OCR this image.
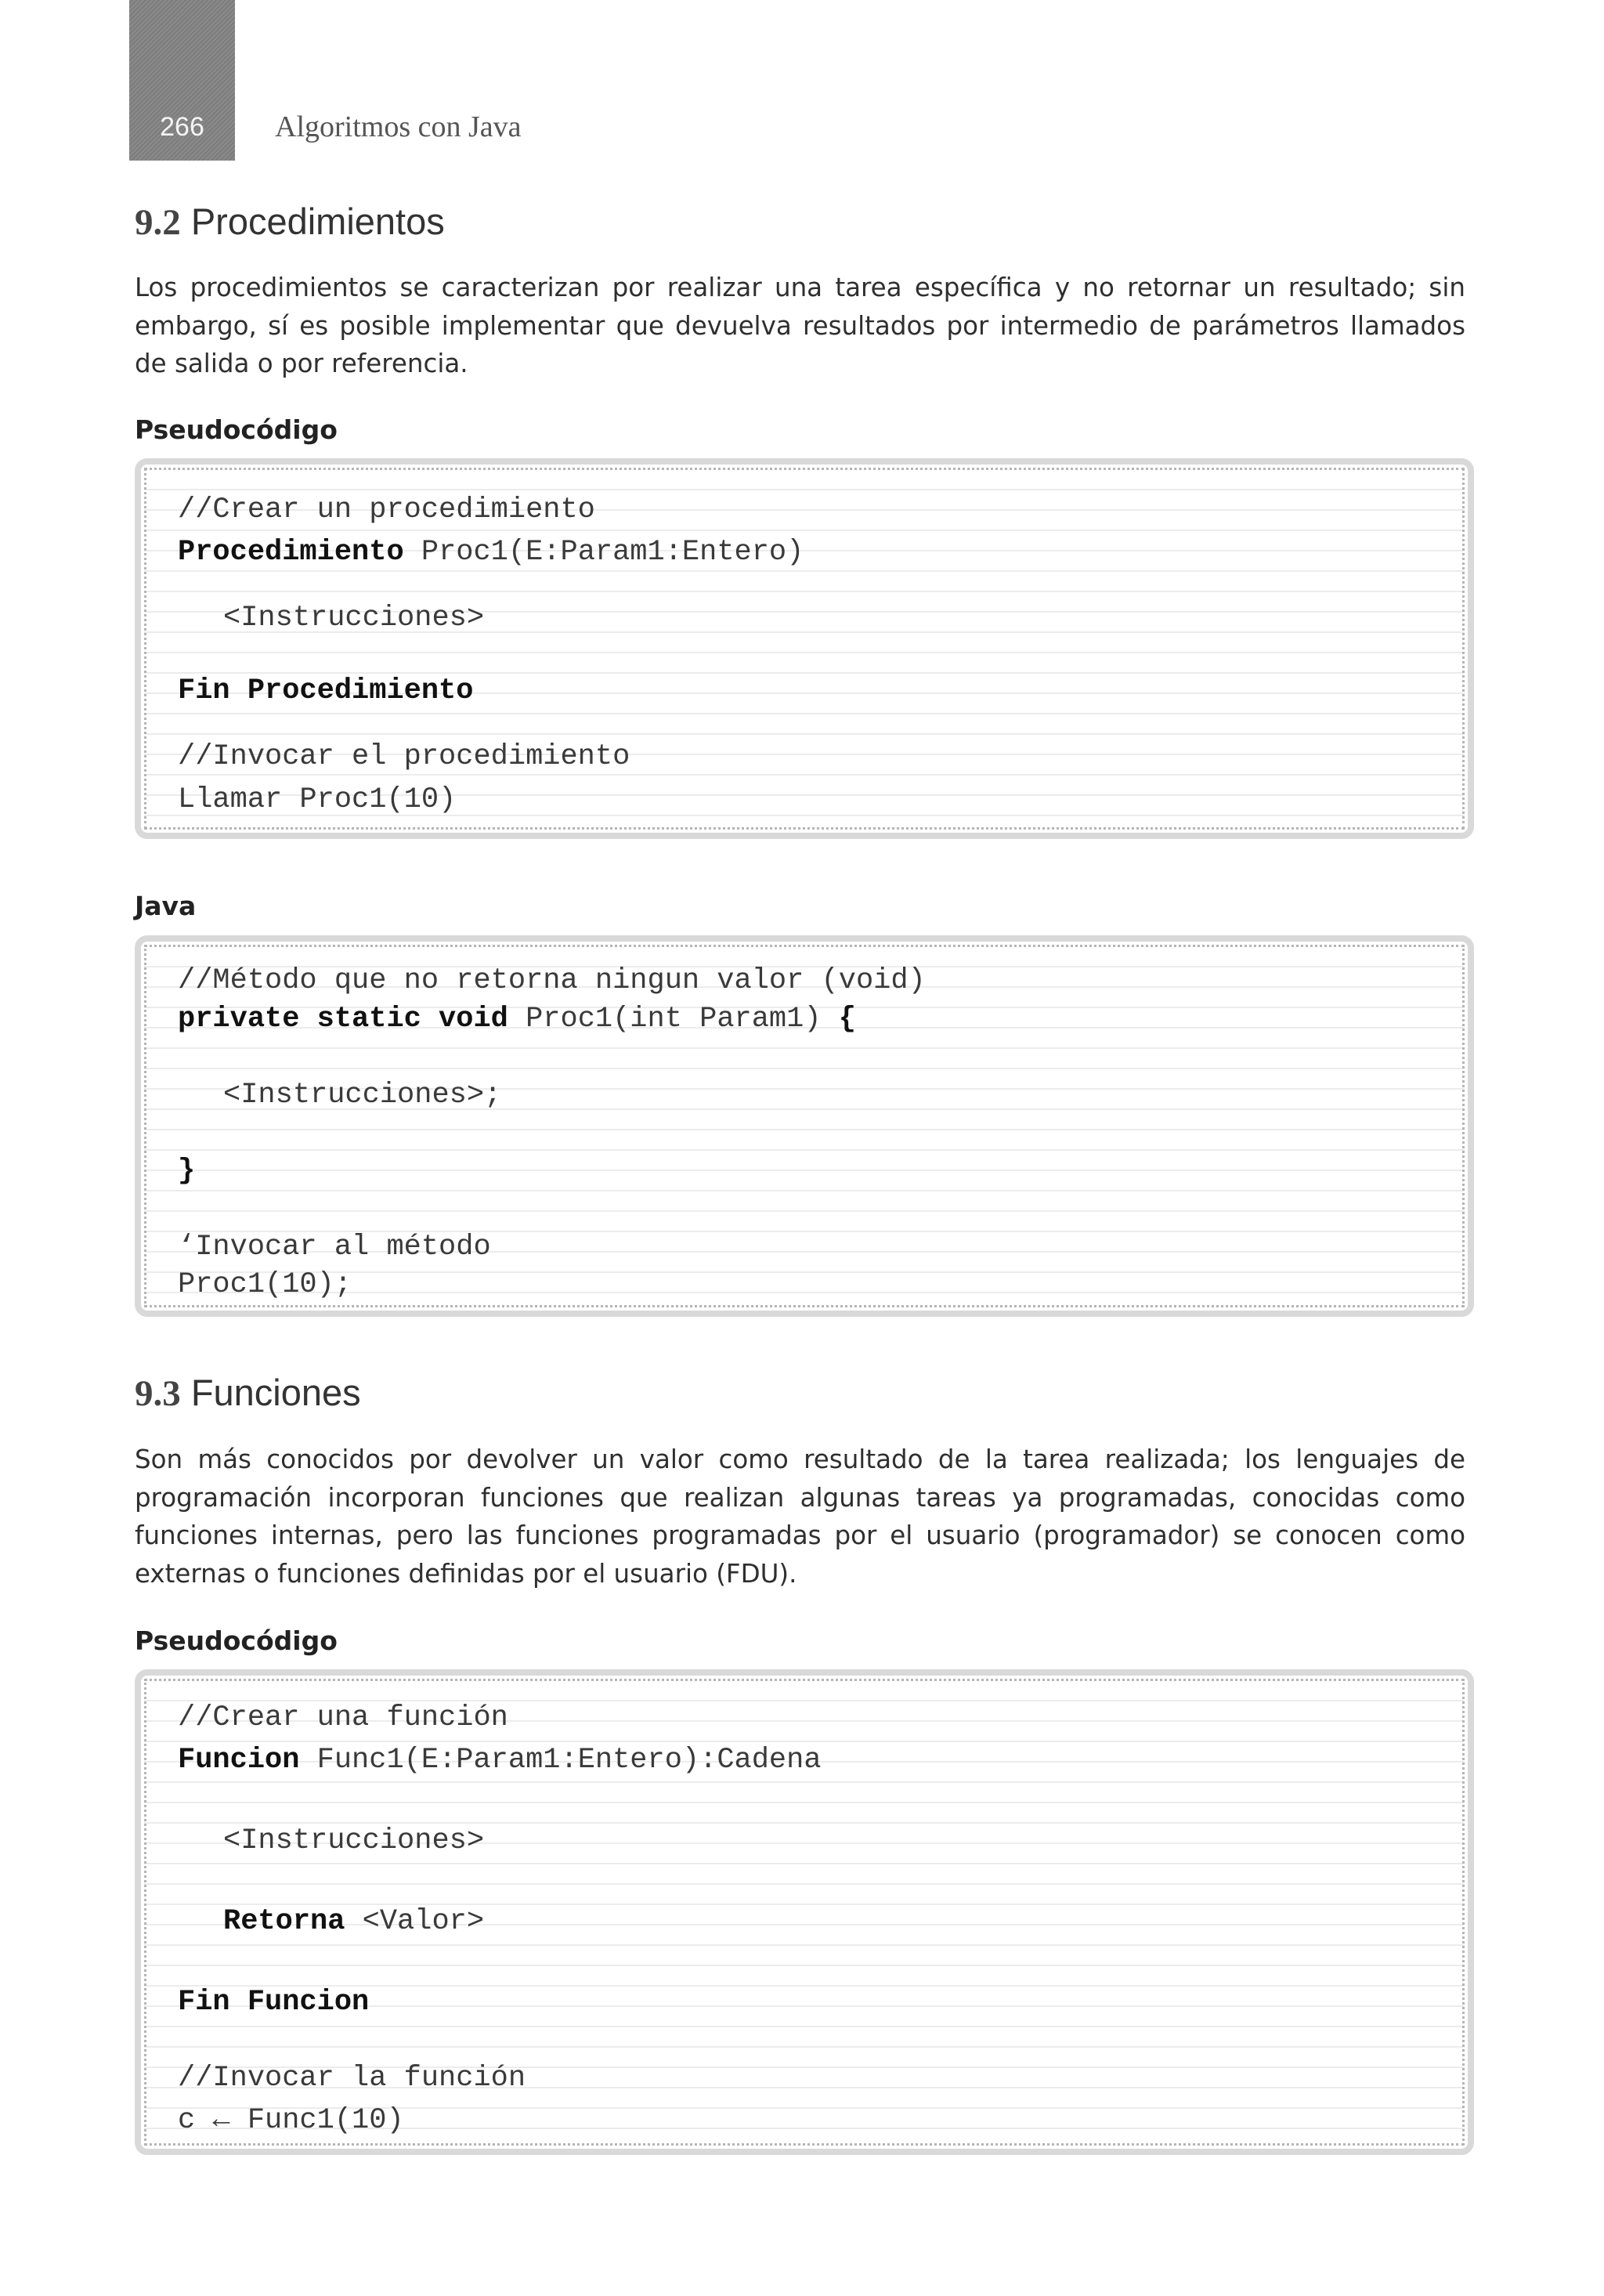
266	Algoritmos con Java
9.2 Procedimientos

Los procedimientos se caracterizan por realizar una tarea específica y no retornar un resultado; sin embargo, sí es posible implementar que devuelva resultados por intermedio de parámetros llamados de salida o por referencia.

Pseudocódigo
//Crear un procedimiento
Procedimiento Proc1(E:Param1:Entero)
<Instrucciones>
Fin Procedimiento
//Invocar el procedimiento
Llamar Proc1(10)
Java
//Método que no retorna ningun valor (void)
private static void Proc1(int Param1) {
<Instrucciones>;
}
‘Invocar al método
Proc1(10);
9.3 Funciones

Son más conocidos por devolver un valor como resultado de la tarea realizada; los lenguajes de programación incorporan funciones que realizan algunas tareas ya programadas, conocidas como funciones internas, pero las funciones programadas por el usuario (programador) se conocen como externas o funciones definidas por el usuario (FDU).

Pseudocódigo
//Crear una función
Funcion Func1(E:Param1:Entero):Cadena
<Instrucciones>
Retorna <Valor>
Fin Funcion
//Invocar la función
c ← Func1(10)
